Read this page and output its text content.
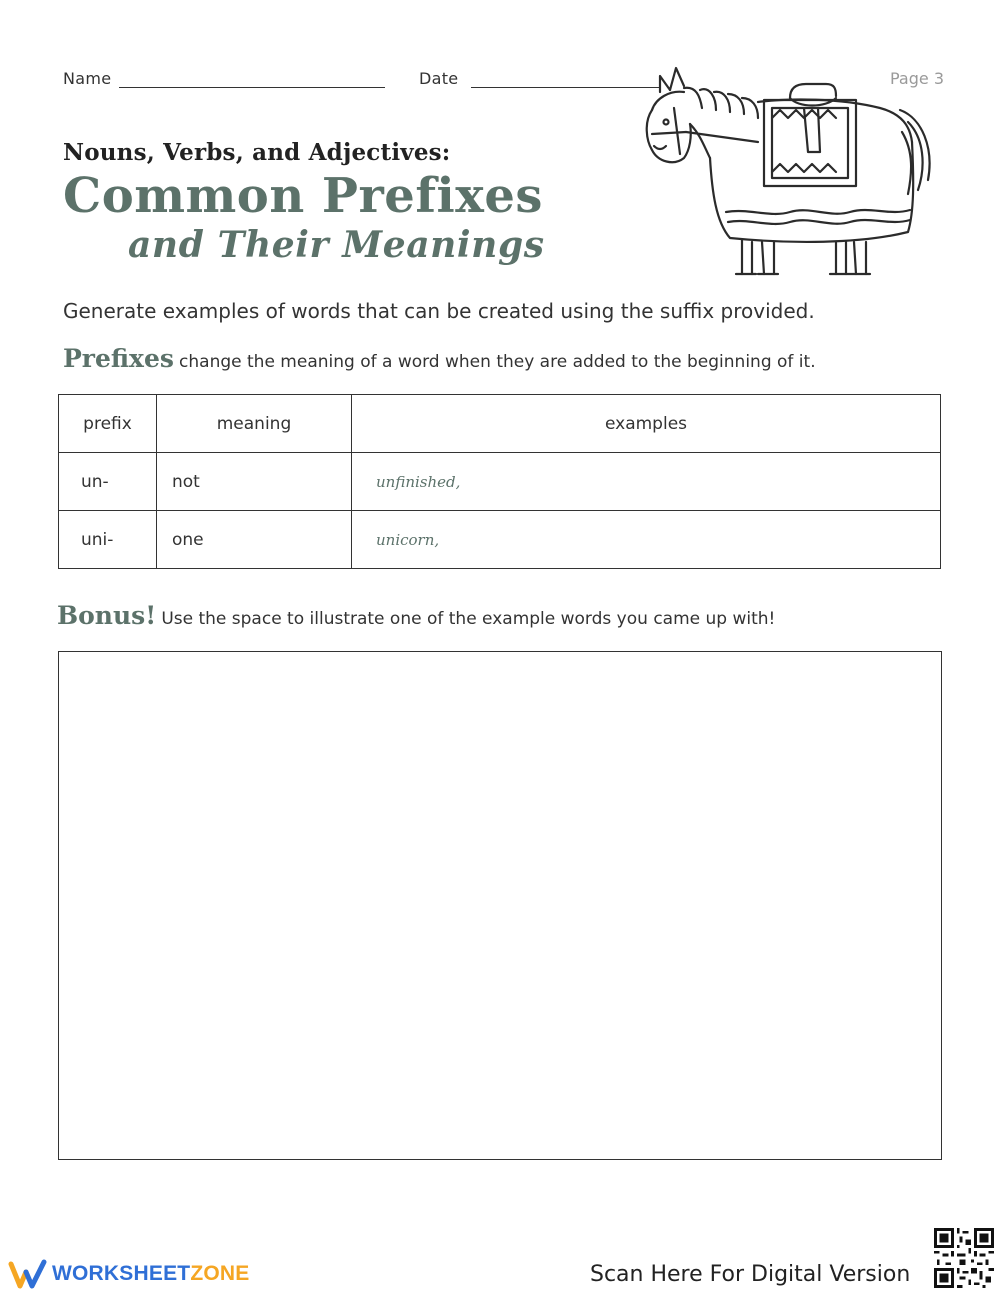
Name	Date	Page 3
Nouns, Verbs, and Adjectives:
Common Prefixes
and Their Meanings
Generate examples of words that can be created using the suffix provided.
Prefixes change the meaning of a word when they are added to the beginning of it.
prefix	meaning	examples
un-	not	unfinished,
uni-	one	unicorn,
Bonus! Use the space to illustrate one of the example words you came up with!
WORKSHEETZONE	Scan Here For Digital Version
